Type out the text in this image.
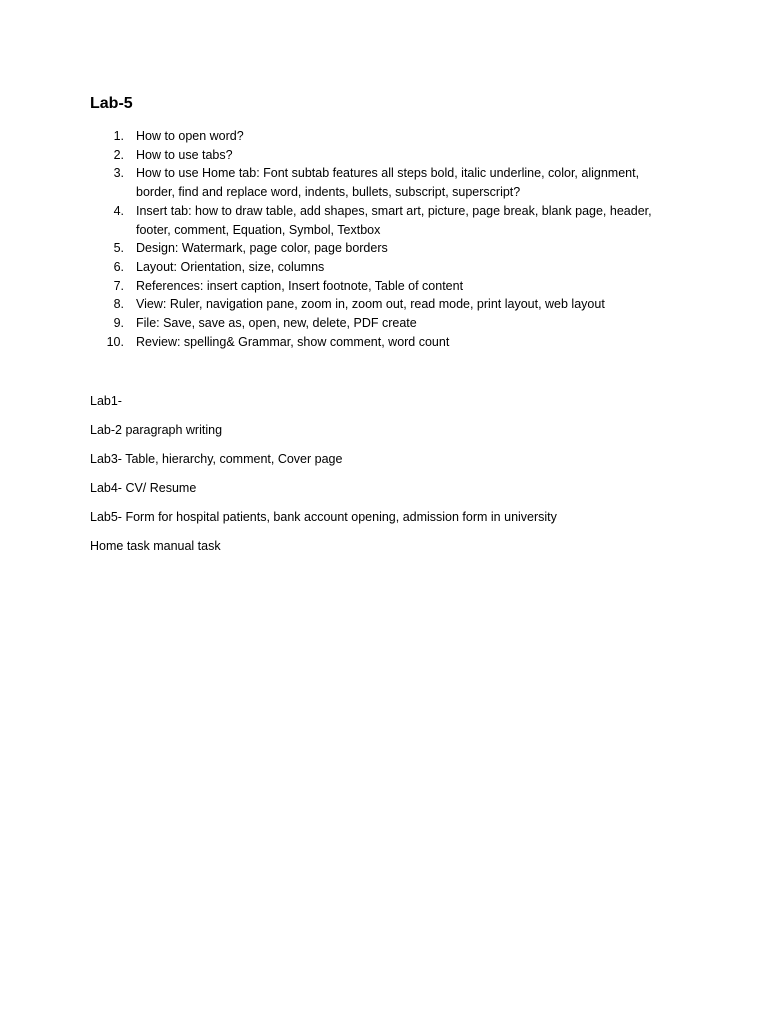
Lab-5
1. How to open word?
2. How to use tabs?
3. How to use Home tab: Font subtab features all steps bold, italic underline, color, alignment, border, find and replace word, indents, bullets, subscript, superscript?
4. Insert tab: how to draw table, add shapes, smart art, picture, page break, blank page, header, footer, comment, Equation, Symbol, Textbox
5. Design: Watermark, page color, page borders
6. Layout: Orientation, size, columns
7. References: insert caption, Insert footnote, Table of content
8. View: Ruler, navigation pane, zoom in, zoom out, read mode, print layout, web layout
9. File: Save, save as, open, new, delete, PDF create
10. Review: spelling& Grammar, show comment, word count

Lab1-

Lab-2 paragraph writing

Lab3- Table, hierarchy, comment, Cover page

Lab4- CV/ Resume

Lab5- Form for hospital patients, bank account opening, admission form in university

Home task manual task
